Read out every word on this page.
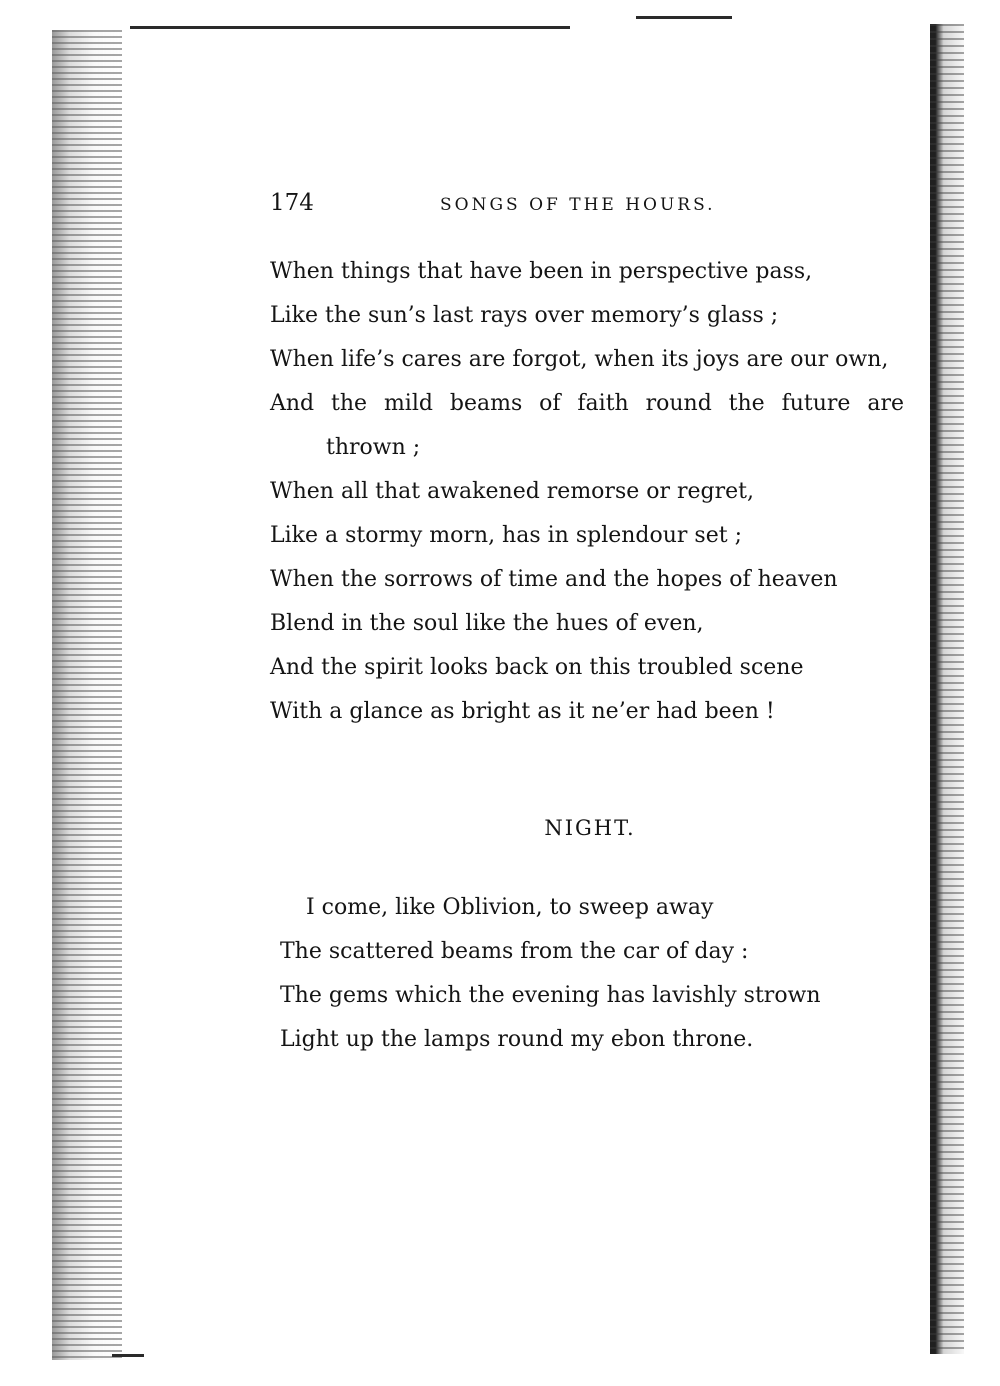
174	SONGS OF THE HOURS.
When things that have been in perspective pass,
Like the sun’s last rays over memory’s glass ;
When life’s cares are forgot, when its joys are our own,
And the mild beams of faith round the future are
thrown ;
When all that awakened remorse or regret,
Like a stormy morn, has in splendour set ;
When the sorrows of time and the hopes of heaven
Blend in the soul like the hues of even,
And the spirit looks back on this troubled scene
With a glance as bright as it ne’er had been !
NIGHT.
I come, like Oblivion, to sweep away
The scattered beams from the car of day :
The gems which the evening has lavishly strown
Light up the lamps round my ebon throne.
